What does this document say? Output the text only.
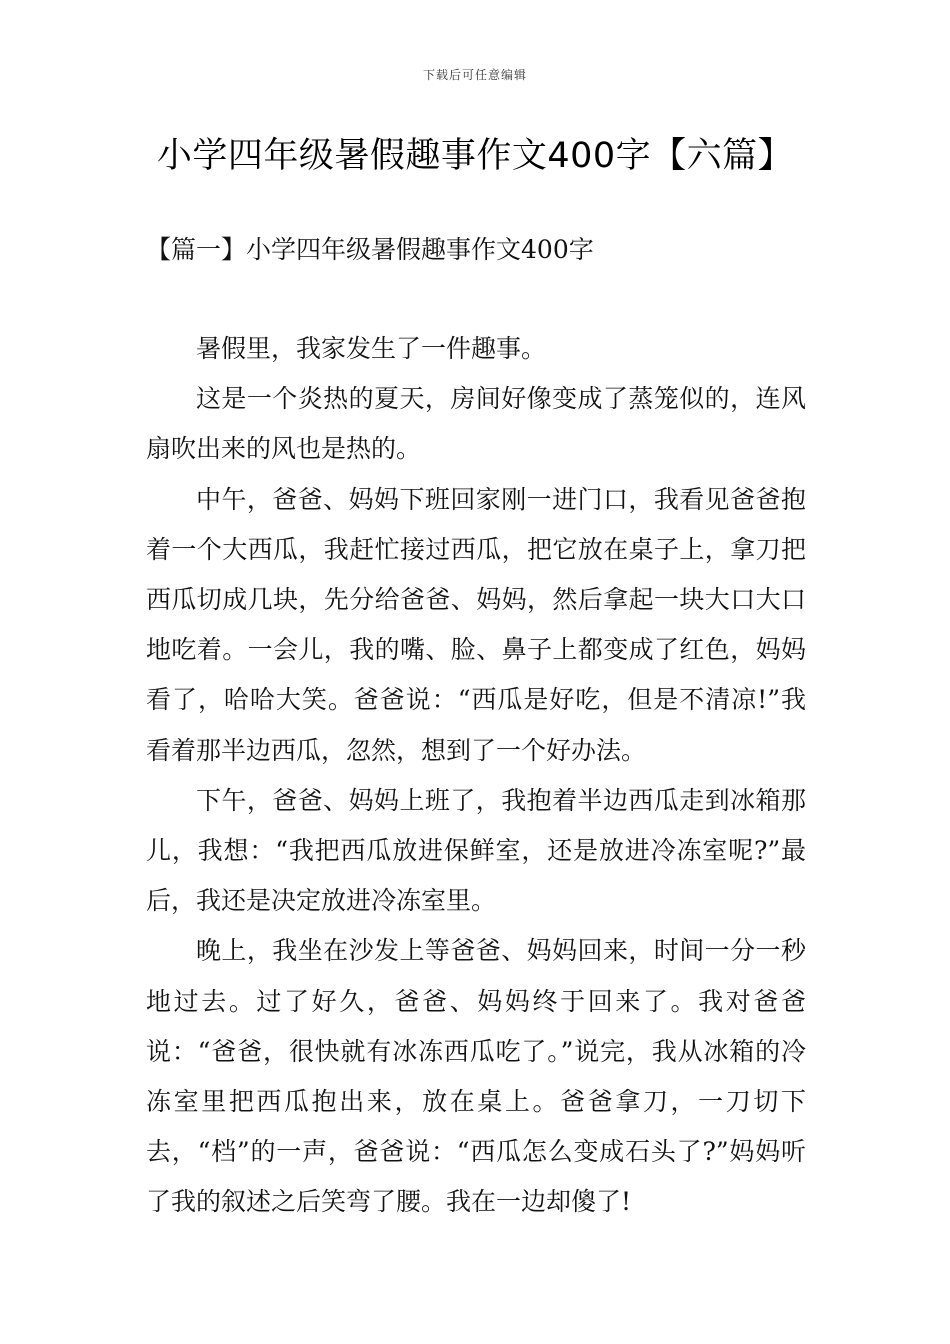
下载后可任意编辑
小学四年级暑假趣事作文400字【六篇】
【篇一】小学四年级暑假趣事作文400字

暑假里，我家发生了一件趣事。

这是一个炎热的夏天，房间好像变成了蒸笼似的，连风扇吹出来的风也是热的。

中午，爸爸、妈妈下班回家刚一进门口，我看见爸爸抱着一个大西瓜，我赶忙接过西瓜，把它放在桌子上，拿刀把西瓜切成几块，先分给爸爸、妈妈，然后拿起一块大口大口地吃着。一会儿，我的嘴、脸、鼻子上都变成了红色，妈妈看了，哈哈大笑。爸爸说：“西瓜是好吃，但是不清凉!”我看着那半边西瓜，忽然，想到了一个好办法。

下午，爸爸、妈妈上班了，我抱着半边西瓜走到冰箱那儿，我想：“我把西瓜放进保鲜室，还是放进冷冻室呢?”最后，我还是决定放进冷冻室里。

晚上，我坐在沙发上等爸爸、妈妈回来，时间一分一秒地过去。过了好久，爸爸、妈妈终于回来了。我对爸爸说：“爸爸，很快就有冰冻西瓜吃了。”说完，我从冰箱的冷冻室里把西瓜抱出来，放在桌上。爸爸拿刀，一刀切下去，“档”的一声，爸爸说：“西瓜怎么变成石头了?”妈妈听了我的叙述之后笑弯了腰。我在一边却傻了!
